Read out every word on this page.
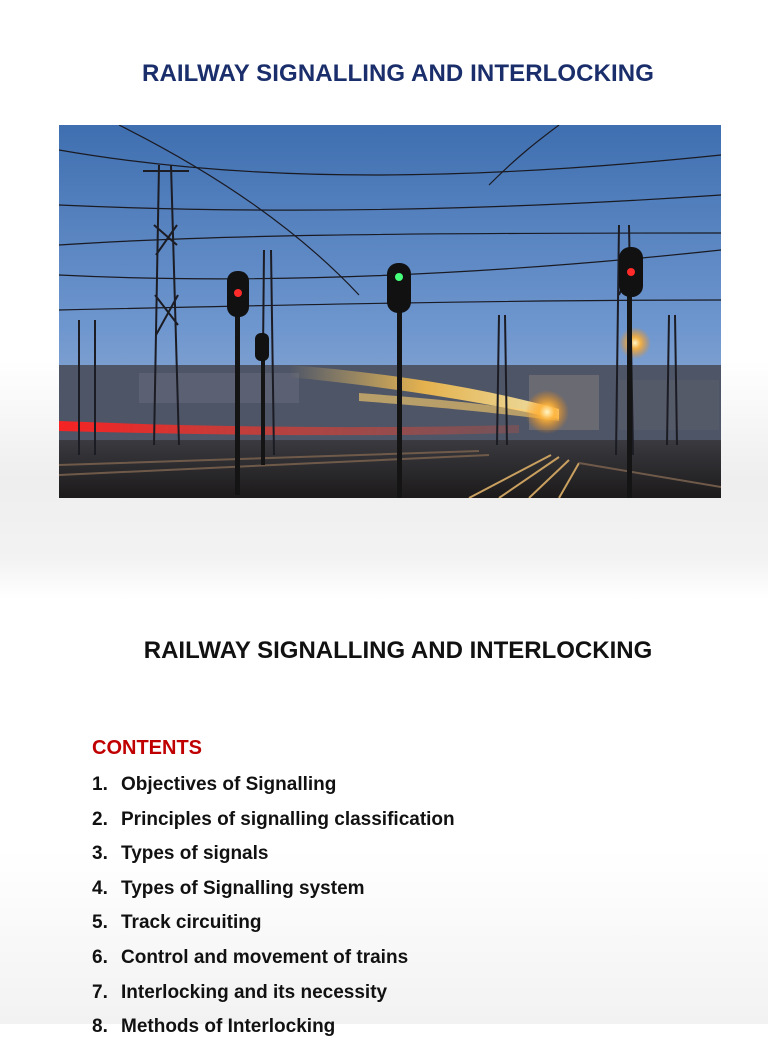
RAILWAY SIGNALLING AND INTERLOCKING
RAILWAY SIGNALLING AND INTERLOCKING
CONTENTS
1. Objectives of Signalling
2. Principles of signalling classification
3. Types of signals
4. Types of Signalling system
5. Track circuiting
6. Control and movement of trains
7. Interlocking and its necessity
8. Methods of Interlocking
